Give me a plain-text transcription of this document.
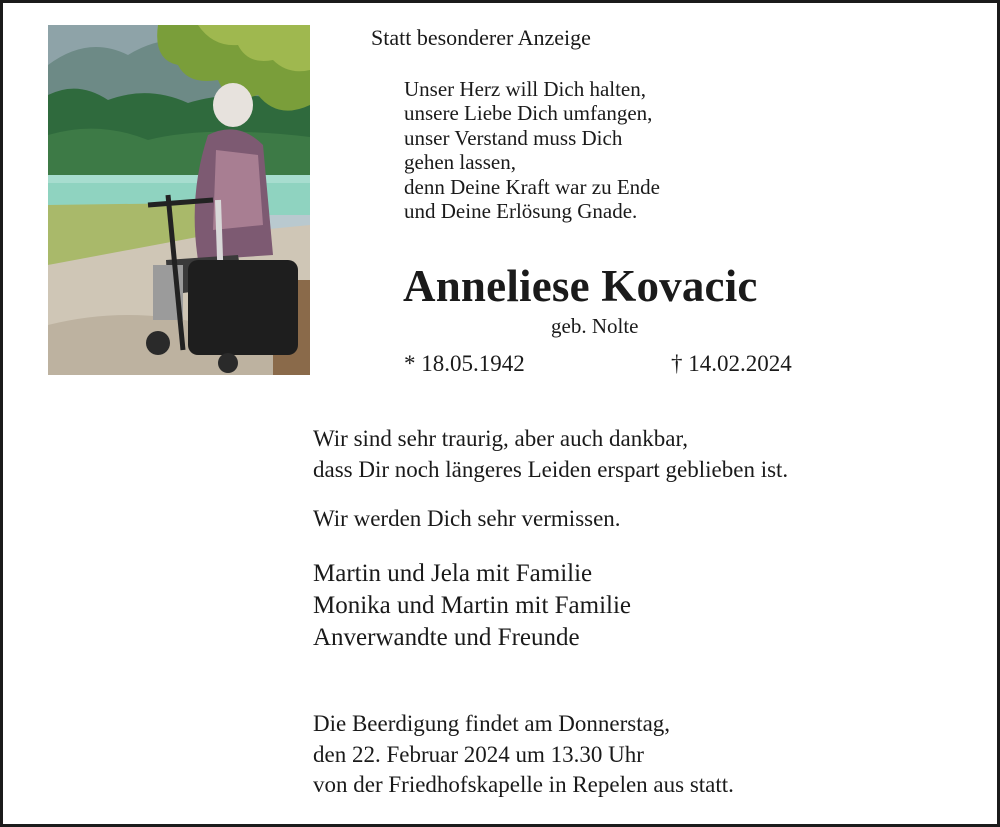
Statt besonderer Anzeige

Unser Herz will Dich halten,
unsere Liebe Dich umfangen,
unser Verstand muss Dich
gehen lassen,
denn Deine Kraft war zu Ende
und Deine Erlösung Gnade.

Anneliese Kovacic

geb. Nolte

* 18.05.1942	† 14.02.2024

Wir sind sehr traurig, aber auch dankbar,
dass Dir noch längeres Leiden erspart geblieben ist.
Wir werden Dich sehr vermissen.
Martin und Jela mit Familie
Monika und Martin mit Familie
Anverwandte und Freunde
Die Beerdigung findet am Donnerstag,
den 22. Februar 2024 um 13.30 Uhr
von der Friedhofskapelle in Repelen aus statt.
